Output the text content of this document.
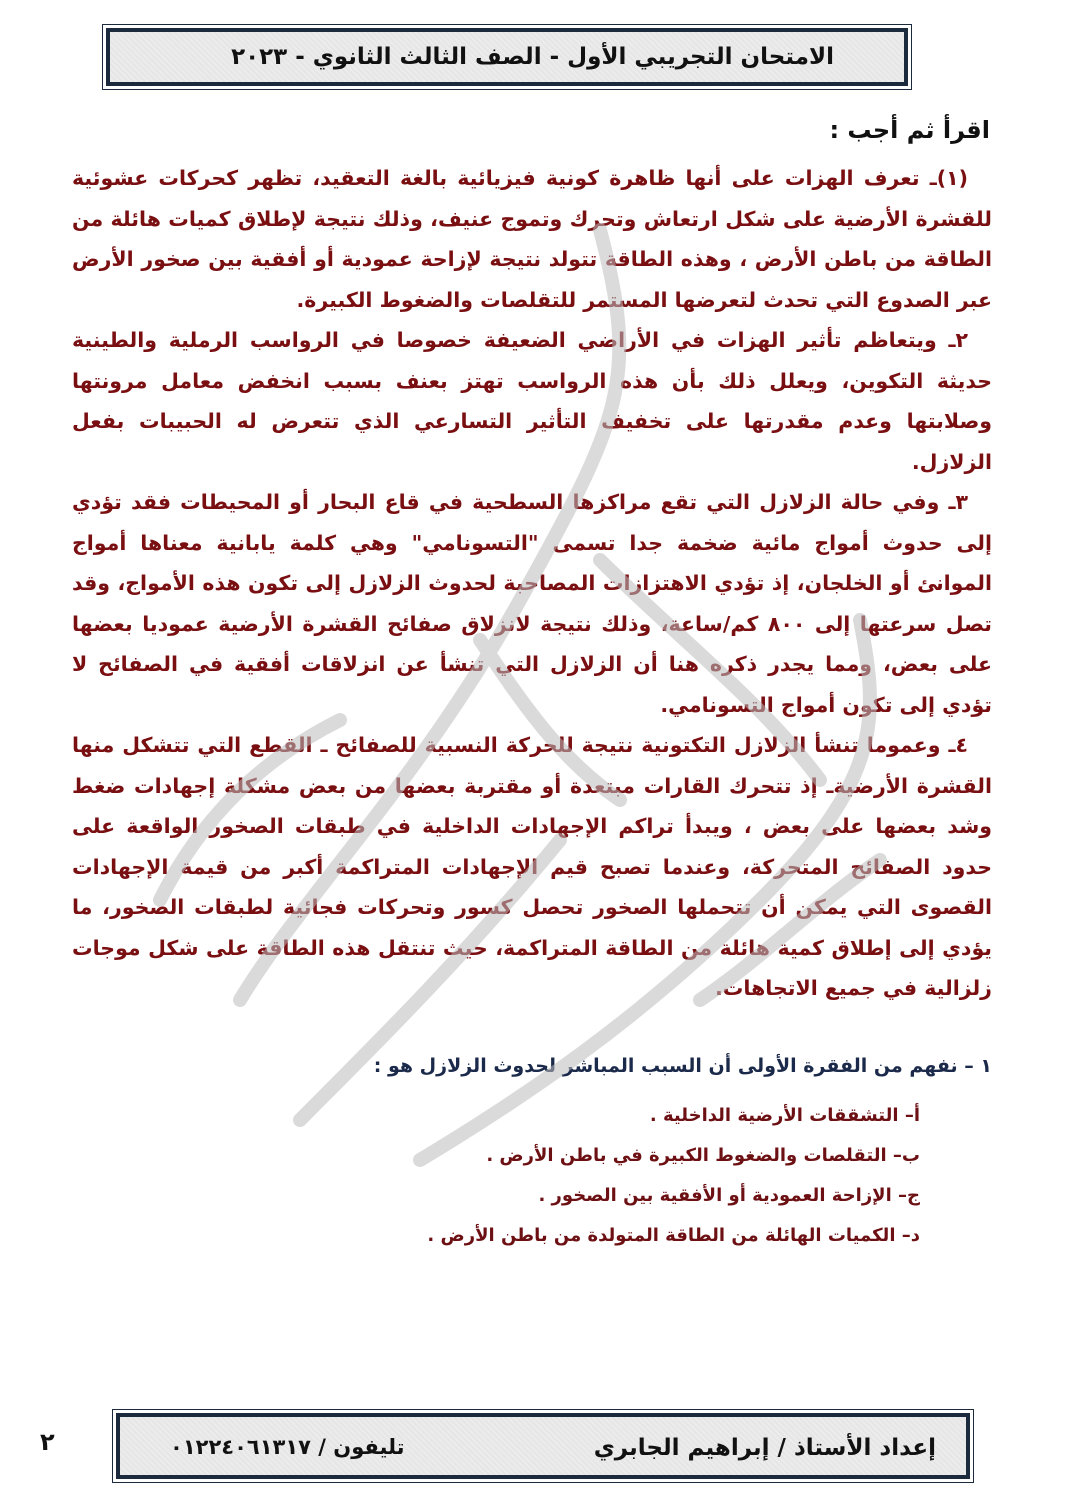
الامتحان التجريبي الأول - الصف الثالث الثانوي - ٢٠٢٣
اقرأ ثم أجب :

(١)ـ تعرف الهزات على أنها ظاهرة كونية فيزيائية بالغة التعقيد، تظهر كحركات عشوئية للقشرة الأرضية على شكل ارتعاش وتحرك وتموج عنيف، وذلك نتيجة لإطلاق كميات هائلة من الطاقة من باطن الأرض ، وهذه الطاقة تتولد نتيجة لإزاحة عمودية أو أفقية بين صخور الأرض عبر الصدوع التي تحدث لتعرضها المستمر للتقلصات والضغوط الكبيرة.

٢ـ ويتعاظم تأثير الهزات في الأراضي الضعيفة خصوصا في الرواسب الرملية والطينية حديثة التكوين، ويعلل ذلك بأن هذه الرواسب تهتز بعنف بسبب انخفض معامل مرونتها وصلابتها وعدم مقدرتها على تخفيف التأثير التسارعي الذي تتعرض له الحبيبات بفعل الزلازل.

٣ـ وفي حالة الزلازل التي تقع مراكزها السطحية في قاع البحار أو المحيطات فقد تؤدي إلى حدوث أمواج مائية ضخمة جدا تسمى "التسونامي" وهي كلمة يابانية معناها أمواج الموانئ أو الخلجان، إذ تؤدي الاهتزازات المصاحبة لحدوث الزلازل إلى تكون هذه الأمواج، وقد تصل سرعتها إلى ٨٠٠ كم/ساعة، وذلك نتيجة لانزلاق صفائح القشرة الأرضية عموديا بعضها على بعض، ومما يجدر ذكره هنا أن الزلازل التي تنشأ عن انزلاقات أفقية في الصفائح لا تؤدي إلى تكون أمواج التسونامي.

٤ـ وعموما تنشأ الزلازل التكتونية نتيجة للحركة النسبية للصفائح ـ القطع التي تتشكل منها القشرة الأرضيةـ إذ تتحرك القارات مبتعدة أو مقتربة بعضها من بعض مشكلة إجهادات ضغط وشد بعضها على بعض ، ويبدأ تراكم الإجهادات الداخلية في طبقات الصخور الواقعة على حدود الصفائح المتحركة، وعندما تصبح قيم الإجهادات المتراكمة أكبر من قيمة الإجهادات القصوى التي يمكن أن تتحملها الصخور تحصل كسور وتحركات فجائية لطبقات الصخور، ما يؤدي إلى إطلاق كمية هائلة من الطاقة المتراكمة، حيث تنتقل هذه الطاقة على شكل موجات زلزالية في جميع الاتجاهات.

١ – نفهم من الفقرة الأولى أن السبب المباشر لحدوث الزلازل هو :
أ– التشققات الأرضية الداخلية .
ب– التقلصات والضغوط الكبيرة في باطن الأرض .
ج– الإزاحة العمودية أو الأفقية بين الصخور .
د– الكميات الهائلة من الطاقة المتولدة من باطن الأرض .
إعداد الأستاذ / إبراهيم الجابري
تليفون / ٠١٢٢٤٠٦١٣١٧
٢
